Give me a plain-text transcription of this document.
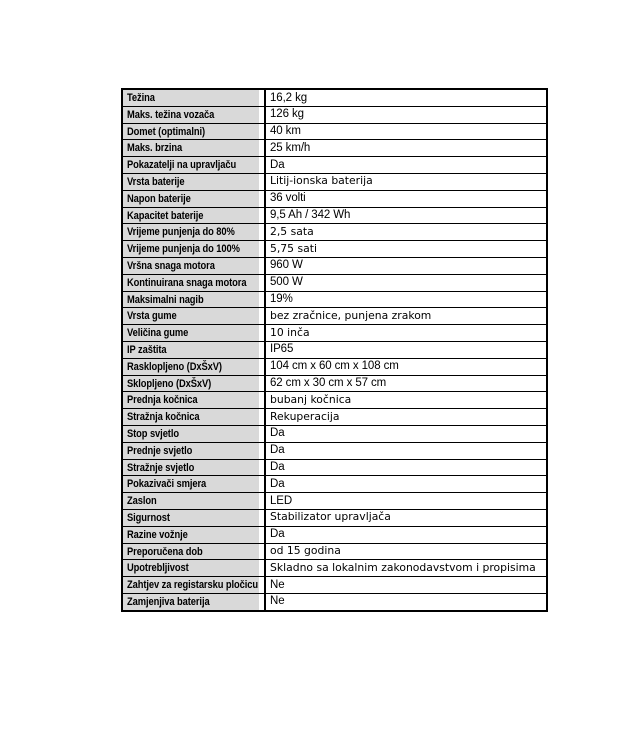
Težina	16,2 kg
Maks. težina vozača	126 kg
Domet (optimalni)	40 km
Maks. brzina	25 km/h
Pokazatelji na upravljaču	Da
Vrsta baterije	Litij-ionska baterija
Napon baterije	36 volti
Kapacitet baterije	9,5 Ah / 342 Wh
Vrijeme punjenja do 80%	2,5 sata
Vrijeme punjenja do 100%	5,75 sati
Vršna snaga motora	960 W
Kontinuirana snaga motora	500 W
Maksimalni nagib	19%
Vrsta gume	bez zračnice, punjena zrakom
Veličina gume	10 inča
IP zaštita	IP65
Rasklopljeno (DxŠxV)	104 cm x 60 cm x 108 cm
Sklopljeno (DxŠxV)	62 cm x 30 cm x 57 cm
Prednja kočnica	bubanj kočnica
Stražnja kočnica	Rekuperacija
Stop svjetlo	Da
Prednje svjetlo	Da
Stražnje svjetlo	Da
Pokazivači smjera	Da
Zaslon	LED
Sigurnost	Stabilizator upravljača
Razine vožnje	Da
Preporučena dob	od 15 godina
Upotrebljivost	Skladno sa lokalnim zakonodavstvom i propisima
Zahtjev za registarsku pločicu	Ne
Zamjenjiva baterija	Ne
